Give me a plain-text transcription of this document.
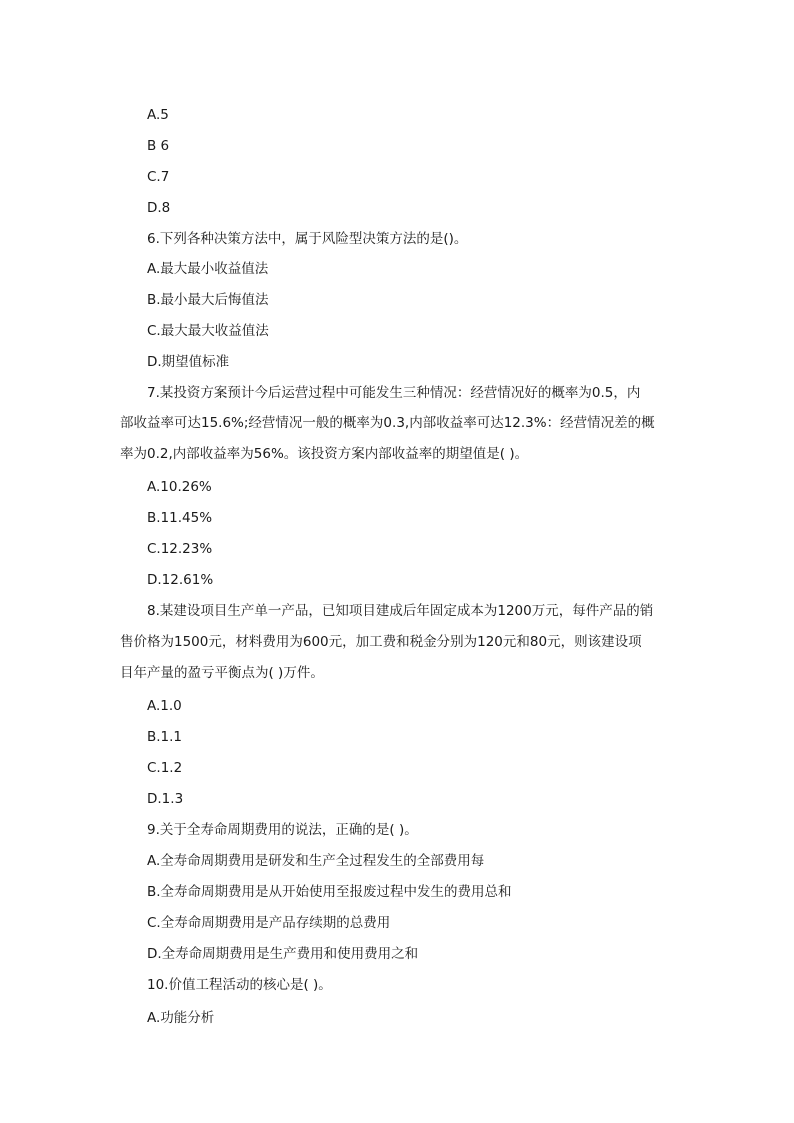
A.5

B 6

C.7

D.8

6.下列各种决策方法中，属于风险型决策方法的是()。

A.最大最小收益值法

B.最小最大后悔值法

C.最大最大收益值法

D.期望值标准

7.某投资方案预计今后运营过程中可能发生三种情况：经营情况好的概率为0.5，内

部收益率可达15.6%;经营情况一般的概率为0.3,内部收益率可达12.3%：经营情况差的概

率为0.2,内部收益率为56%。该投资方案内部收益率的期望值是( )。

A.10.26%

B.11.45%

C.12.23%

D.12.61%

8.某建设项目生产单一产品，已知项目建成后年固定成本为1200万元，每件产品的销

售价格为1500元，材料费用为600元，加工费和税金分别为120元和80元，则该建设项

目年产量的盈亏平衡点为( )万件。

A.1.0

B.1.1

C.1.2

D.1.3

9.关于全寿命周期费用的说法，正确的是( )。

A.全寿命周期费用是研发和生产全过程发生的全部费用每

B.全寿命周期费用是从开始使用至报废过程中发生的费用总和

C.全寿命周期费用是产品存续期的总费用

D.全寿命周期费用是生产费用和使用费用之和

10.价值工程活动的核心是( )。

A.功能分析
